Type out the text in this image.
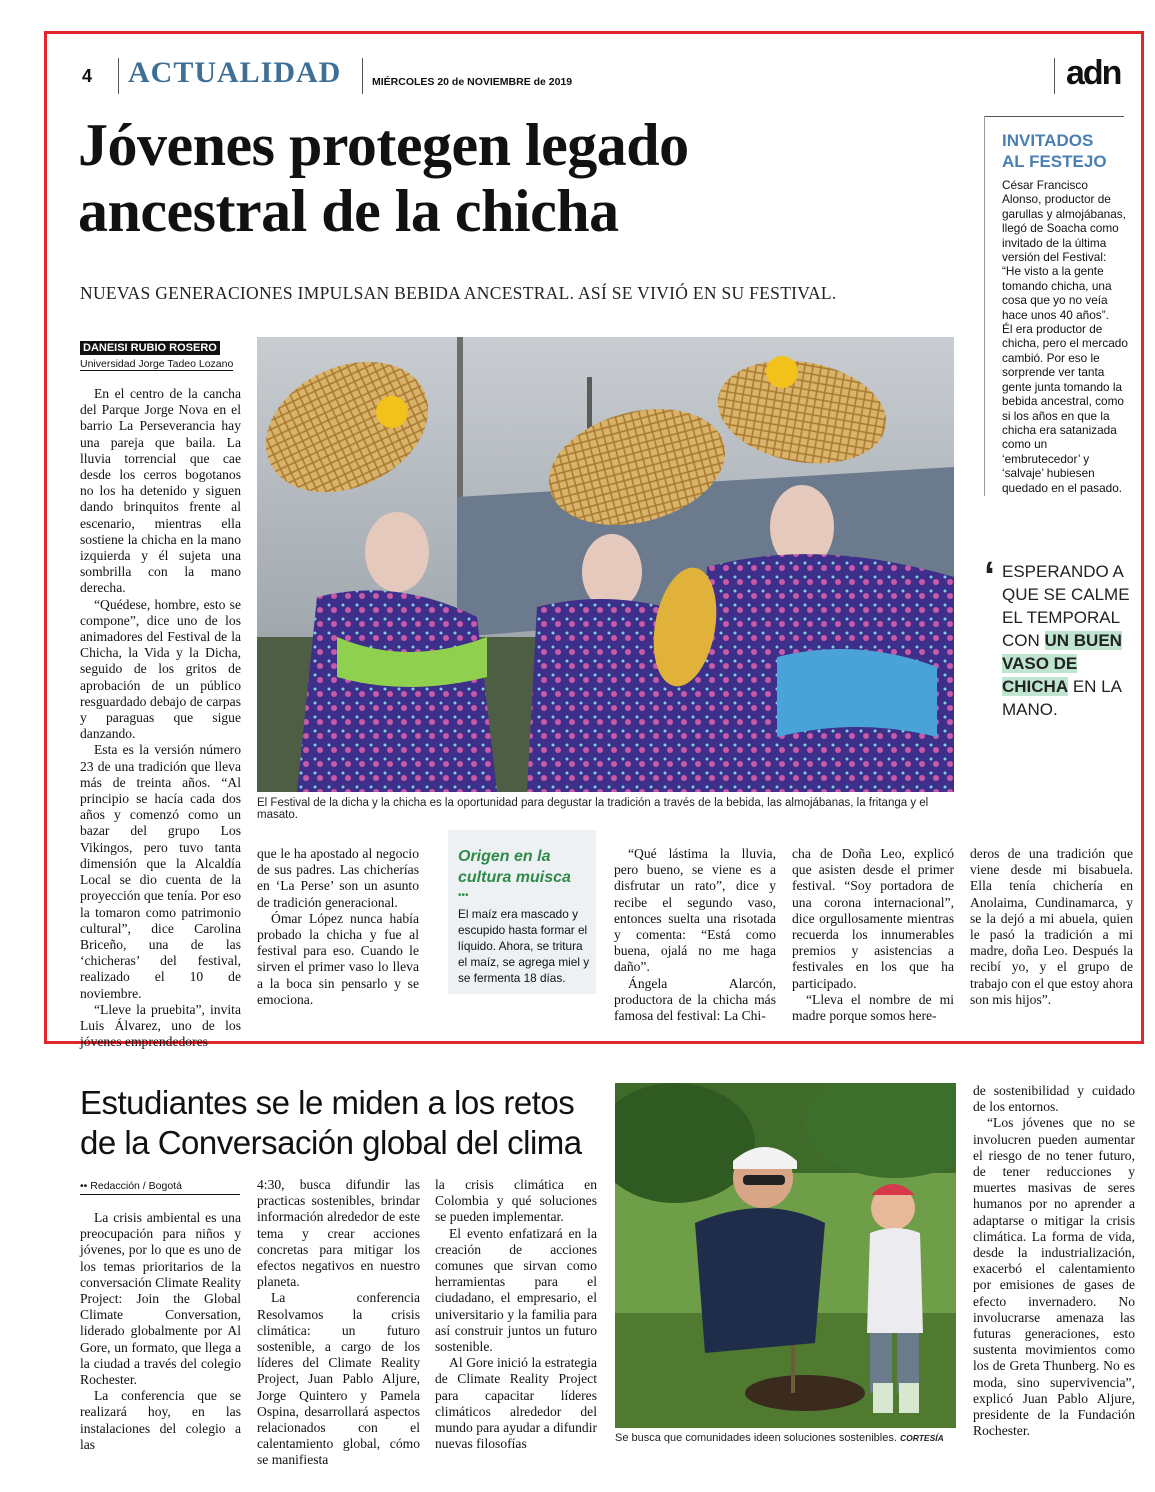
4 ACTUALIDAD	MIÉRCOLES 20 de NOVIEMBRE de 2019	adn
Jóvenes protegen legado
ancestral de la chicha
NUEVAS GENERACIONES IMPULSAN BEBIDA ANCESTRAL. ASÍ SE VIVIÓ EN SU FESTIVAL.
INVITADOS
AL FESTEJO
César Francisco Alonso, productor de garullas y almojábanas, llegó de Soacha como invitado de la última versión del Festival: “He visto a la gente tomando chicha, una cosa que yo no veía hace unos 40 años”.
Él era productor de chicha, pero el mercado cambió. Por eso le sorprende ver tanta gente junta tomando la bebida ancestral, como si los años en que la chicha era satanizada como un ‘embrutecedor’ y ‘salvaje’ hubiesen quedado en el pasado.
‘ ESPERANDO A QUE SE CALME EL TEMPORAL CON UN BUEN VASO DE CHICHA EN LA MANO.
DANEISI RUBIO ROSERO
Universidad Jorge Tadeo Lozano
El Festival de la dicha y la chicha es la oportunidad para degustar la tradición a través de la bebida, las almojábanas, la fritanga y el masato.

En el centro de la cancha del Parque Jorge Nova en el barrio La Perseverancia hay una pareja que baila. La lluvia torrencial que cae desde los cerros bogotanos no los ha detenido y siguen dando brinquitos frente al escenario, mientras ella sostiene la chicha en la mano izquierda y él sujeta una sombrilla con la mano derecha.

“Quédese, hombre, esto se compone”, dice uno de los animadores del Festival de la Chicha, la Vida y la Dicha, seguido de los gritos de aprobación de un público resguardado debajo de carpas y paraguas que sigue danzando.

Esta es la versión número 23 de una tradición que lleva más de treinta años. “Al principio se hacía cada dos años y comenzó como un bazar del grupo Los Vikingos, pero tuvo tanta dimensión que la Alcaldía Local se dio cuenta de la proyección que tenía. Por eso la tomaron como patrimonio cultural”, dice Carolina Briceño, una de las ‘chicheras’ del festival, realizado el 10 de noviembre.

“Lleve la pruebita”, invita Luis Álvarez, uno de los jóvenes emprendedores

que le ha apostado al negocio de sus padres. Las chicherías en ‘La Perse’ son un asunto de tradición generacional.

Ómar López nunca había probado la chicha y fue al festival para eso. Cuando le sirven el primer vaso lo lleva a la boca sin pensarlo y se emociona.

Origen en la
cultura muisca
•••
El maíz era mascado y escupido hasta formar el líquido. Ahora, se tritura el maíz, se agrega miel y se fermenta 18 días.

“Qué lástima la lluvia, pero bueno, se viene es a disfrutar un rato”, dice y recibe el segundo vaso, entonces suelta una risotada y comenta: “Está como buena, ojalá no me haga daño”.

Ángela Alarcón, productora de la chicha más famosa del festival: La Chi-

cha de Doña Leo, explicó que asisten desde el primer festival. “Soy portadora de una corona internacional”, dice orgullosamente mientras recuerda los innumerables premios y asistencias a festivales en los que ha participado.

“Lleva el nombre de mi madre porque somos here-

deros de una tradición que viene desde mi bisabuela. Ella tenía chichería en Anolaima, Cundinamarca, y se la dejó a mi abuela, quien le pasó la tradición a mi madre, doña Leo. Después la recibí yo, y el grupo de trabajo con el que estoy ahora son mis hijos”.

Estudiantes se le miden a los retos
de la Conversación global del clima
•• Redacción / Bogotá

La crisis ambiental es una preocupación para niños y jóvenes, por lo que es uno de los temas prioritarios de la conversación Climate Reality Project: Join the Global Climate Conversation, liderado globalmente por Al Gore, un formato, que llega a la ciudad a través del colegio Rochester.

La conferencia que se realizará hoy, en las instalaciones del colegio a las

4:30, busca difundir las practicas sostenibles, brindar información alrededor de este tema y crear acciones concretas para mitigar los efectos negativos en nuestro planeta.

La conferencia Resolvamos la crisis climática: un futuro sostenible, a cargo de los líderes del Climate Reality Project, Juan Pablo Aljure, Jorge Quintero y Pamela Ospina, desarrollará aspectos relacionados con el calentamiento global, cómo se manifiesta

la crisis climática en Colombia y qué soluciones se pueden implementar.

El evento enfatizará en la creación de acciones comunes que sirvan como herramientas para el ciudadano, el empresario, el universitario y la familia para así construir juntos un futuro sostenible.

Al Gore inició la estrategia de Climate Reality Project para capacitar líderes climáticos alrededor del mundo para ayudar a difundir nuevas filosofías	Se busca que comunidades ideen soluciones sostenibles. CORTESÍA

de sostenibilidad y cuidado de los entornos.

“Los jóvenes que no se involucren pueden aumentar el riesgo de no tener futuro, de tener reducciones y muertes masivas de seres humanos por no aprender a adaptarse o mitigar la crisis climática. La forma de vida, desde la industrialización, exacerbó el calentamiento por emisiones de gases de efecto invernadero. No involucrarse amenaza las futuras generaciones, esto sustenta movimientos como los de Greta Thunberg. No es moda, sino supervivencia”, explicó Juan Pablo Aljure, presidente de la Fundación Rochester.
